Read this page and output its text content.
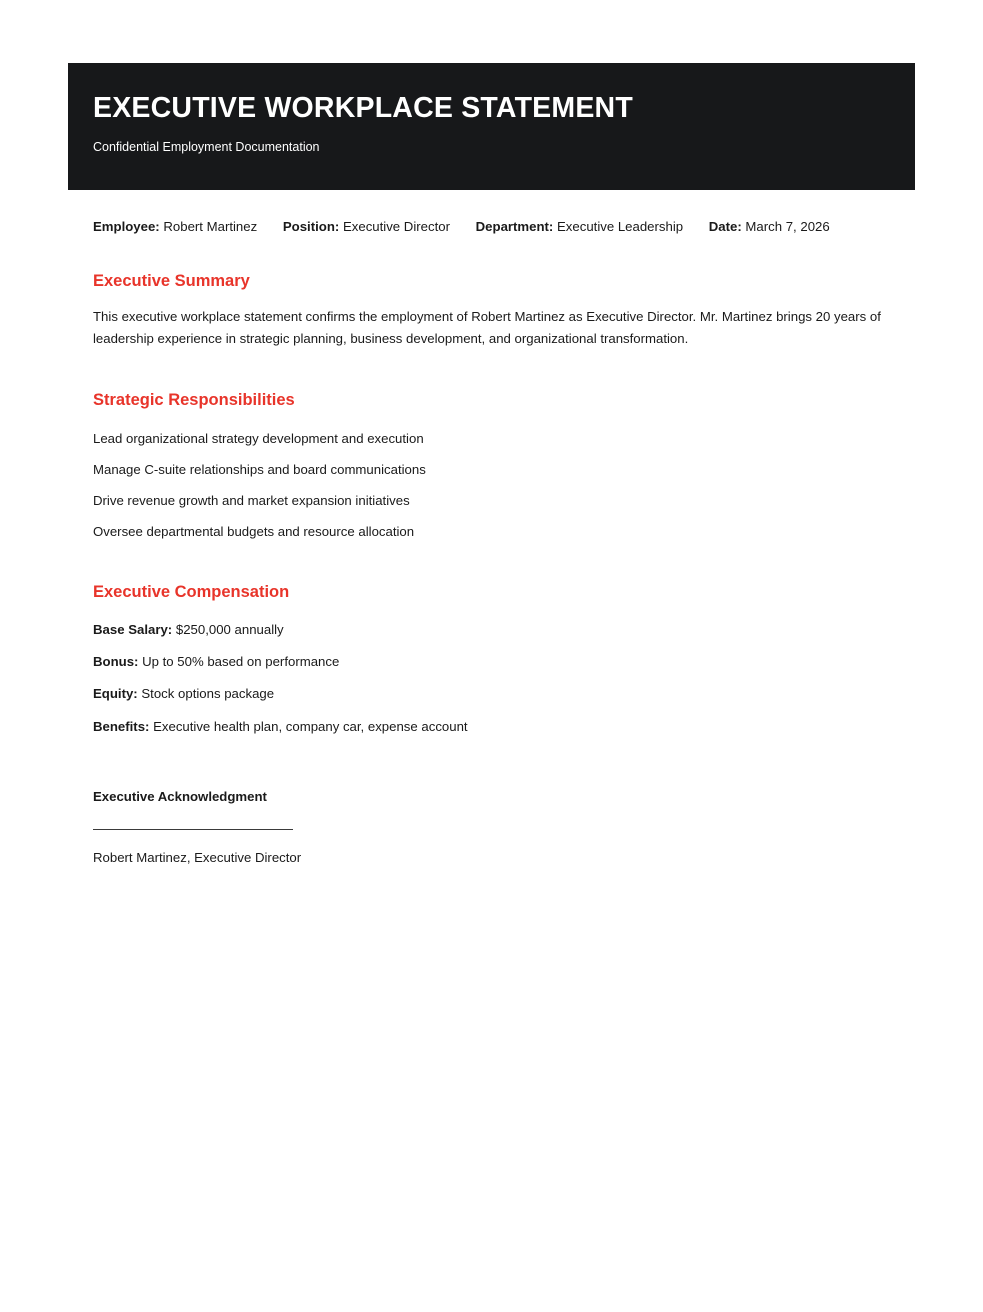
EXECUTIVE WORKPLACE STATEMENT

Confidential Employment Documentation

Employee: Robert Martinez Position: Executive Director Department: Executive Leadership Date: March 7, 2026
Executive Summary
This executive workplace statement confirms the employment of Robert Martinez as Executive Director. Mr. Martinez brings 20 years of leadership experience in strategic planning, business development, and organizational transformation.
Strategic Responsibilities
Lead organizational strategy development and execution
Manage C-suite relationships and board communications
Drive revenue growth and market expansion initiatives
Oversee departmental budgets and resource allocation
Executive Compensation
Base Salary: $250,000 annually
Bonus: Up to 50% based on performance
Equity: Stock options package
Benefits: Executive health plan, company car, expense account
Executive Acknowledgment
Robert Martinez, Executive Director
